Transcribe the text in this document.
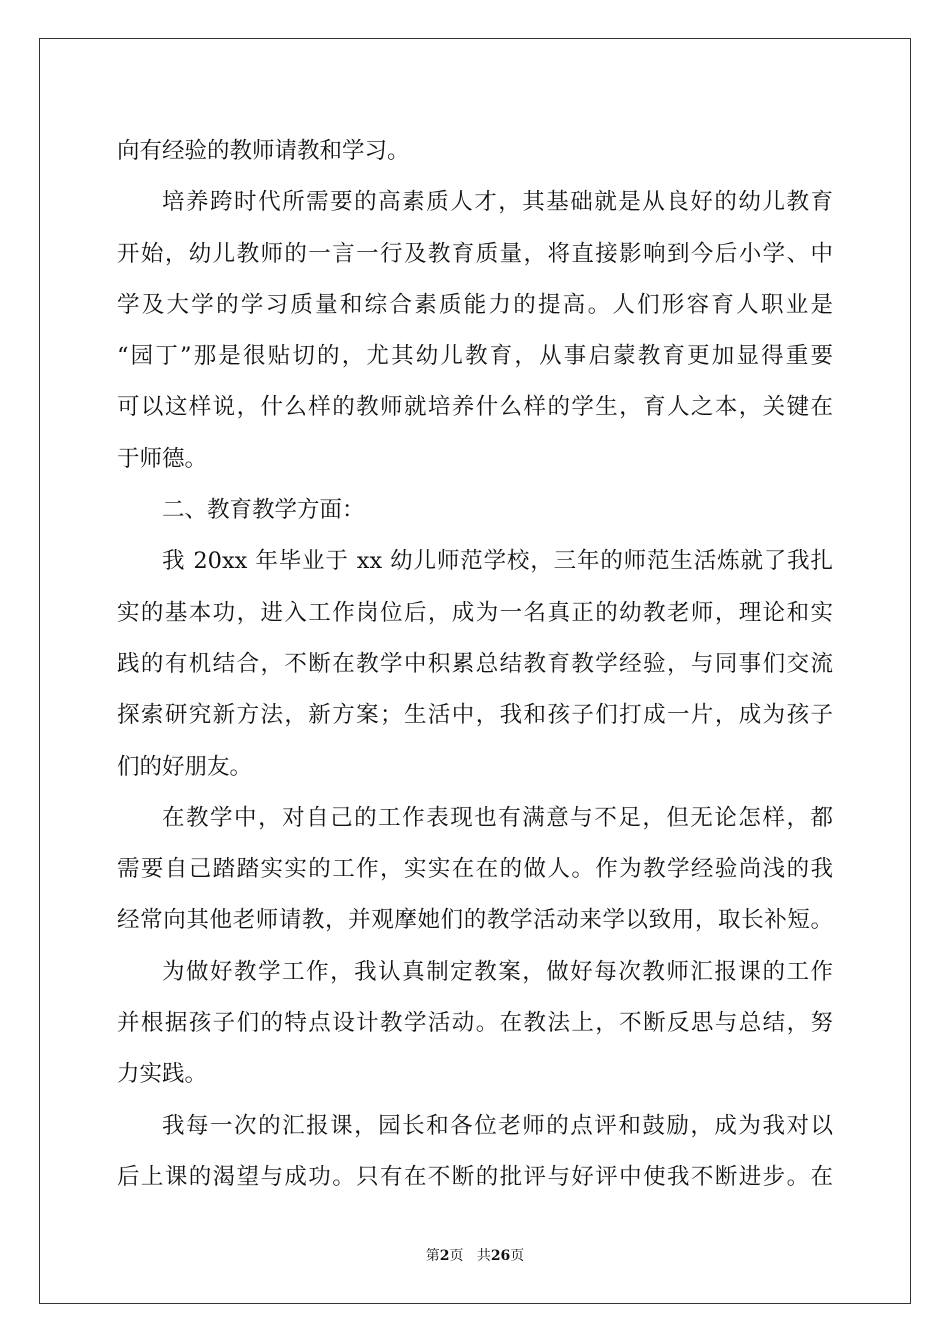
向有经验的教师请教和学习。
培养跨时代所需要的高素质人才，其基础就是从良好的幼儿教育
开始，幼儿教师的一言一行及教育质量，将直接影响到今后小学、中
学及大学的学习质量和综合素质能力的提高。人们形容育人职业是
“园丁”那是很贴切的，尤其幼儿教育，从事启蒙教育更加显得重要
可以这样说，什么样的教师就培养什么样的学生，育人之本，关键在
于师德。
二、教育教学方面：
我 20xx 年毕业于 xx 幼儿师范学校，三年的师范生活炼就了我扎
实的基本功，进入工作岗位后，成为一名真正的幼教老师，理论和实
践的有机结合，不断在教学中积累总结教育教学经验，与同事们交流
探索研究新方法，新方案；生活中，我和孩子们打成一片，成为孩子
们的好朋友。
在教学中，对自己的工作表现也有满意与不足，但无论怎样，都
需要自己踏踏实实的工作，实实在在的做人。作为教学经验尚浅的我
经常向其他老师请教，并观摩她们的教学活动来学以致用，取长补短。
为做好教学工作，我认真制定教案，做好每次教师汇报课的工作
并根据孩子们的特点设计教学活动。在教法上，不断反思与总结，努
力实践。
我每一次的汇报课，园长和各位老师的点评和鼓励，成为我对以
后上课的渴望与成功。只有在不断的批评与好评中使我不断进步。在
第2页 共26页
